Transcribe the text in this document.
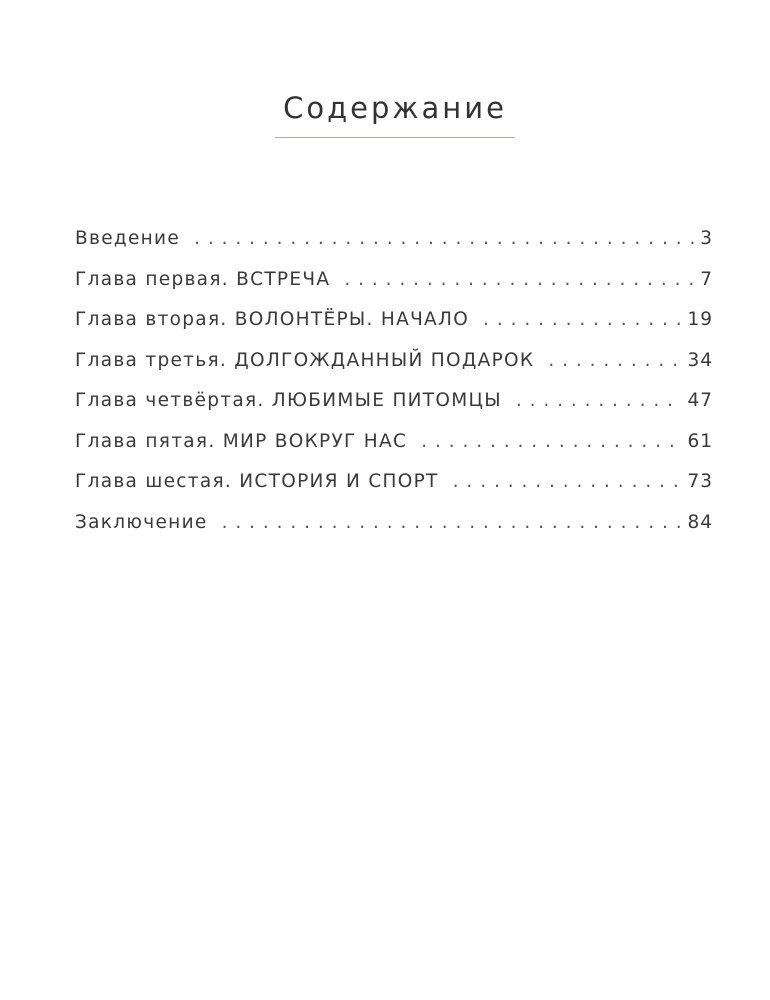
Содержание
Введение . . .	3
Глава первая. ВСТРЕЧА . . .	7
Глава вторая. ВОЛОНТЁРЫ. НАЧАЛО . . .	19
Глава третья. ДОЛГОЖДАННЫЙ ПОДАРОК . . .	34
Глава четвёртая. ЛЮБИМЫЕ ПИТОМЦЫ . . .	47
Глава пятая. МИР ВОКРУГ НАС . . .	61
Глава шестая. ИСТОРИЯ И СПОРТ . . .	73
Заключение . . .	84
